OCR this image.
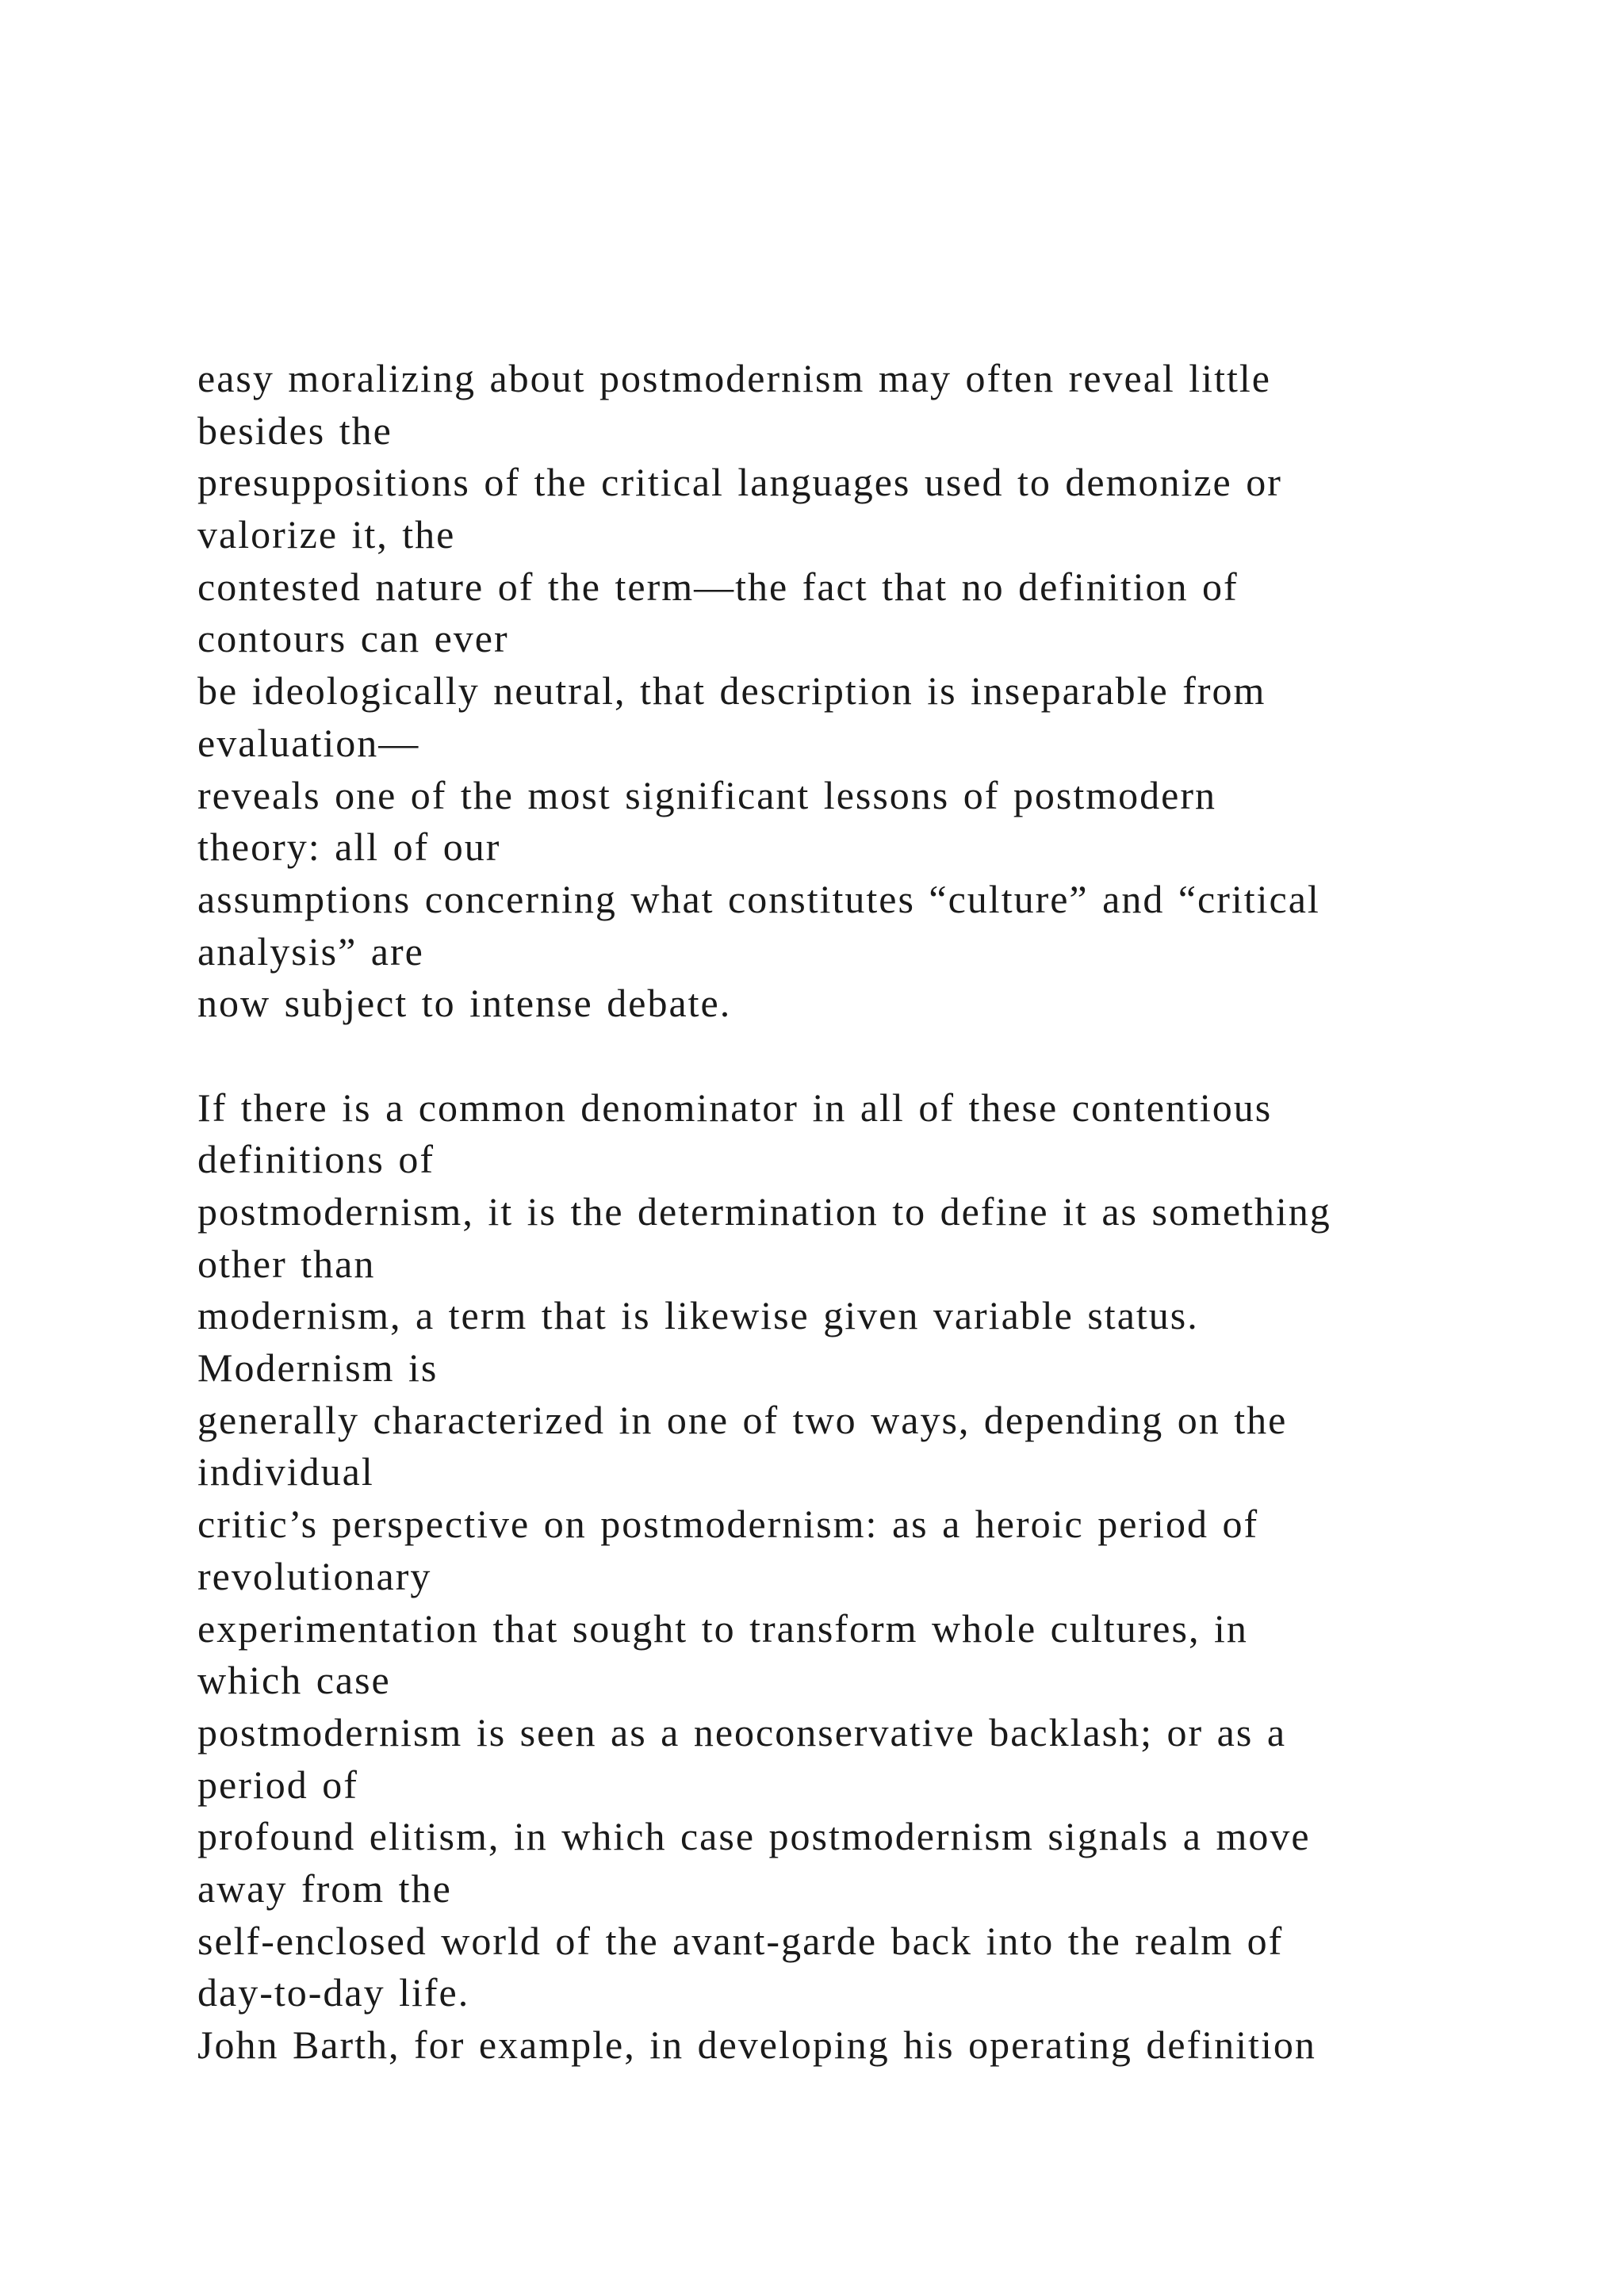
easy moralizing about postmodernism may often reveal little
besides the
presuppositions of the critical languages used to demonize or
valorize it, the
contested nature of the term—the fact that no definition of
contours can ever
be ideologically neutral, that description is inseparable from
evaluation—
reveals one of the most significant lessons of postmodern
theory: all of our
assumptions concerning what constitutes “culture” and “critical
analysis” are
now subject to intense debate.
If there is a common denominator in all of these contentious
definitions of
postmodernism, it is the determination to define it as something
other than
modernism, a term that is likewise given variable status.
Modernism is
generally characterized in one of two ways, depending on the
individual
critic’s perspective on postmodernism: as a heroic period of
revolutionary
experimentation that sought to transform whole cultures, in
which case
postmodernism is seen as a neoconservative backlash; or as a
period of
profound elitism, in which case postmodernism signals a move
away from the
self-enclosed world of the avant-garde back into the realm of
day-to-day life.
John Barth, for example, in developing his operating definition
